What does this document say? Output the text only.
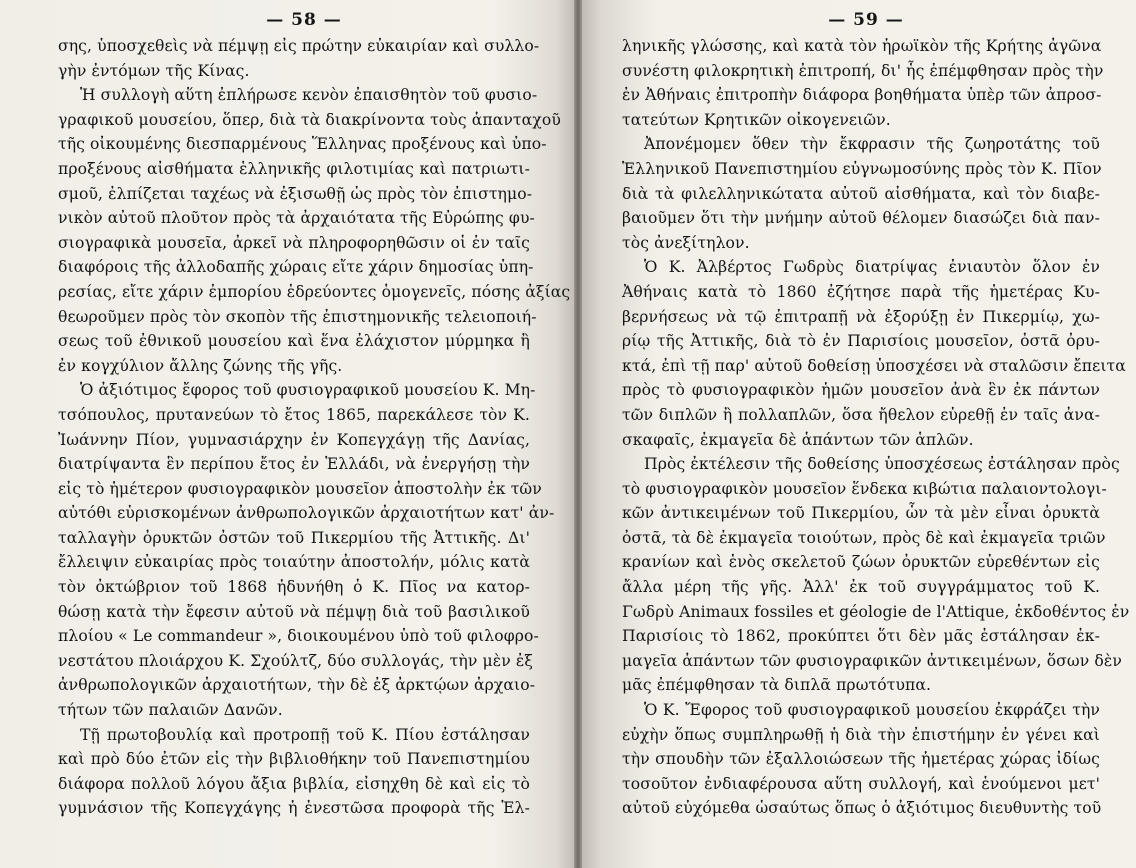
— 58 —
σης, ὑποσχεθεὶς νὰ πέμψῃ εἰς πρώτην εὐκαιρίαν καὶ συλλο-
γὴν ἐντόμων τῆς Κίνας.
Ἡ συλλογὴ αὕτη ἐπλήρωσε κενὸν ἐπαισθητὸν τοῦ φυσιο-
γραφικοῦ μουσείου, ὅπερ, διὰ τὰ διακρίνοντα τοὺς ἁπανταχοῦ
τῆς οἰκουμένης διεσπαρμένους Ἕλληνας προξένους καὶ ὑπο-
προξένους αἰσθήματα ἑλληνικῆς φιλοτιμίας καὶ πατριωτι-
σμοῦ, ἐλπίζεται ταχέως νὰ ἐξισωθῇ ὡς πρὸς τὸν ἐπιστημο-
νικὸν αὐτοῦ πλοῦτον πρὸς τὰ ἀρχαιότατα τῆς Εὐρώπης φυ-
σιογραφικὰ μουσεῖα, ἀρκεῖ νὰ πληροφορηθῶσιν οἱ ἐν ταῖς
διαφόροις τῆς ἀλλοδαπῆς χώραις εἴτε χάριν δημοσίας ὑπη-
ρεσίας, εἴτε χάριν ἐμπορίου ἑδρεύοντες ὁμογενεῖς, πόσης ἀξίας
θεωροῦμεν πρὸς τὸν σκοπὸν τῆς ἐπιστημονικῆς τελειοποιή-
σεως τοῦ ἐθνικοῦ μουσείου καὶ ἕνα ἐλάχιστον μύρμηκα ἢ
ἐν κογχύλιον ἄλλης ζώνης τῆς γῆς.
Ὁ ἀξιότιμος ἔφορος τοῦ φυσιογραφικοῦ μουσείου Κ. Μη-
τσόπουλος, πρυτανεύων τὸ ἔτος 1865, παρεκάλεσε τὸν Κ.
Ἰωάννην Πίον, γυμνασιάρχην ἐν Κοπεγχάγῃ τῆς Δανίας,
διατρίψαντα ἓν περίπου ἔτος ἐν Ἑλλάδι, νὰ ἐνεργήσῃ τὴν
εἰς τὸ ἡμέτερον φυσιογραφικὸν μουσεῖον ἀποστολὴν ἐκ τῶν
αὐτόθι εὑρισκομένων ἀνθρωπολογικῶν ἀρχαιοτήτων κατ' ἀν-
ταλλαγὴν ὀρυκτῶν ὀστῶν τοῦ Πικερμίου τῆς Ἀττικῆς. Δι'
ἔλλειψιν εὐκαιρίας πρὸς τοιαύτην ἀποστολήν, μόλις κατὰ
τὸν ὀκτώβριον τοῦ 1868 ἠδυνήθη ὁ Κ. Πῖος να κατορ-
θώσῃ κατὰ τὴν ἔφεσιν αὐτοῦ νὰ πέμψῃ διὰ τοῦ βασιλικοῦ
πλοίου « Le commandeur », διοικουμένου ὑπὸ τοῦ φιλοφρο-
νεστάτου πλοιάρχου Κ. Σχούλτζ, δύο συλλογάς, τὴν μὲν ἐξ
ἀνθρωπολογικῶν ἀρχαιοτήτων, τὴν δὲ ἐξ ἀρκτῴων ἀρχαιο-
τήτων τῶν παλαιῶν Δανῶν.
Τῇ πρωτοβουλίᾳ καὶ προτροπῇ τοῦ Κ. Πίου ἐστάλησαν
καὶ πρὸ δύο ἐτῶν εἰς τὴν βιβλιοθήκην τοῦ Πανεπιστημίου
διάφορα πολλοῦ λόγου ἄξια βιβλία, εἰσηχθη δὲ καὶ εἰς τὸ
γυμνάσιον τῆς Κοπεγχάγης ἡ ἐνεστῶσα προφορὰ τῆς Ἑλ-
— 59 —
ληνικῆς γλώσσης, καὶ κατὰ τὸν ἡρωϊκὸν τῆς Κρήτης ἀγῶνα
συνέστη φιλοκρητικὴ ἐπιτροπή, δι' ἧς ἐπέμφθησαν πρὸς τὴν
ἐν Ἀθήναις ἐπιτροπὴν διάφορα βοηθήματα ὑπὲρ τῶν ἀπροσ-
τατεύτων Κρητικῶν οἰκογενειῶν.
Ἀπονέμομεν ὅθεν τὴν ἔκφρασιν τῆς ζωηροτάτης τοῦ
Ἑλληνικοῦ Πανεπιστημίου εὐγνωμοσύνης πρὸς τὸν Κ. Πῖον
διὰ τὰ φιλελληνικώτατα αὐτοῦ αἰσθήματα, καὶ τὸν διαβε-
βαιοῦμεν ὅτι τὴν μνήμην αὐτοῦ θέλομεν διασώζει διὰ παν-
τὸς ἀνεξίτηλον.
Ὁ Κ. Ἀλβέρτος Γωδρὺς διατρίψας ἐνιαυτὸν ὅλον ἐν
Ἀθήναις κατὰ τὸ 1860 ἐζήτησε παρὰ τῆς ἡμετέρας Κυ-
βερνήσεως νὰ τῷ ἐπιτραπῇ νὰ ἐξορύξῃ ἐν Πικερμίῳ, χω-
ρίῳ τῆς Ἀττικῆς, διὰ τὸ ἐν Παρισίοις μουσεῖον, ὀστᾶ ὀρυ-
κτά, ἐπὶ τῇ παρ' αὐτοῦ δοθείσῃ ὑποσχέσει νὰ σταλῶσιν ἔπειτα
πρὸς τὸ φυσιογραφικὸν ἡμῶν μουσεῖον ἀνὰ ἓν ἐκ πάντων
τῶν διπλῶν ἢ πολλαπλῶν, ὅσα ἤθελον εὑρεθῇ ἐν ταῖς ἀνα-
σκαφαῖς, ἐκμαγεῖα δὲ ἁπάντων τῶν ἁπλῶν.
Πρὸς ἐκτέλεσιν τῆς δοθείσης ὑποσχέσεως ἐστάλησαν πρὸς
τὸ φυσιογραφικὸν μουσεῖον ἕνδεκα κιβώτια παλαιοντολογι-
κῶν ἀντικειμένων τοῦ Πικερμίου, ὧν τὰ μὲν εἶναι ὀρυκτὰ
ὀστᾶ, τὰ δὲ ἐκμαγεῖα τοιούτων, πρὸς δὲ καὶ ἐκμαγεῖα τριῶν
κρανίων καὶ ἑνὸς σκελετοῦ ζώων ὀρυκτῶν εὑρεθέντων εἰς
ἄλλα μέρη τῆς γῆς. Ἀλλ' ἐκ τοῦ συγγράμματος τοῦ Κ.
Γωδρὺ Animaux fossiles et géologie de l'Attique, ἐκδοθέντος ἐν
Παρισίοις τὸ 1862, προκύπτει ὅτι δὲν μᾶς ἐστάλησαν ἐκ-
μαγεῖα ἁπάντων τῶν φυσιογραφικῶν ἀντικειμένων, ὅσων δὲν
μᾶς ἐπέμφθησαν τὰ διπλᾶ πρωτότυπα.
Ὁ Κ. Ἔφορος τοῦ φυσιογραφικοῦ μουσείου ἐκφράζει τὴν
εὐχὴν ὅπως συμπληρωθῇ ἡ διὰ τὴν ἐπιστήμην ἐν γένει καὶ
τὴν σπουδὴν τῶν ἐξαλλοιώσεων τῆς ἡμετέρας χώρας ἰδίως
τοσοῦτον ἐνδιαφέρουσα αὕτη συλλογή, καὶ ἑνούμενοι μετ'
αὐτοῦ εὐχόμεθα ὡσαύτως ὅπως ὁ ἀξιότιμος διευθυντὴς τοῦ
